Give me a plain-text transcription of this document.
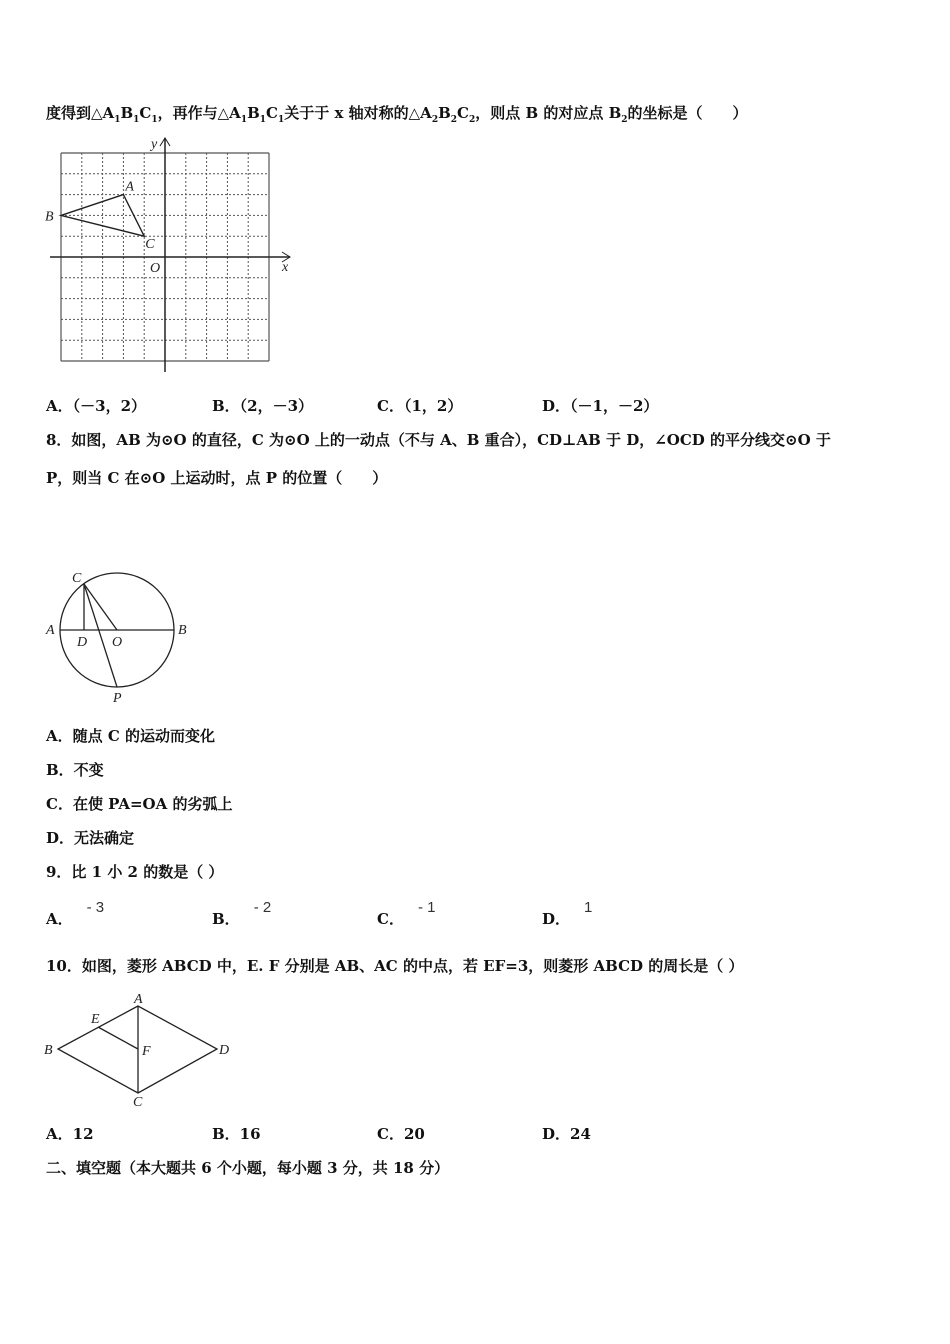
度得到$\triangle A_1B_1C_1$，再作与$\triangle A_1B_1C_1$关于于 x 轴对称的$\triangle A_2B_2C_2$，则点 B 的对应点 $B_2$的坐标是（　　）
A
B
C
O
y
x
A．（－3，2）	B．（2，－3）	C．（1，2）	D．（－1，－2）
8．如图，AB 为⊙O 的直径，C 为⊙O 上的一动点（不与 A、B 重合），CD⊥AB 于 D，∠OCD 的平分线交⊙O 于
P，则当 C 在⊙O 上运动时，点 P 的位置（　　）
C
A	B
D O
P
A．随点 C 的运动而变化
B．不变
C．在使 PA=OA 的劣弧上
D．无法确定
9．比 1 小 2 的数是（ ）
A．- 3
B．- 2
C．- 1
D．1
10．如图，菱形 ABCD 中，E. F 分别是 AB、AC 的中点，若 EF=3，则菱形 ABCD 的周长是（ ）
A
B
C
D
E
F
A．12	B．16	C．20	D．24
二、填空题（本大题共 6 个小题，每小题 3 分，共 18 分）
